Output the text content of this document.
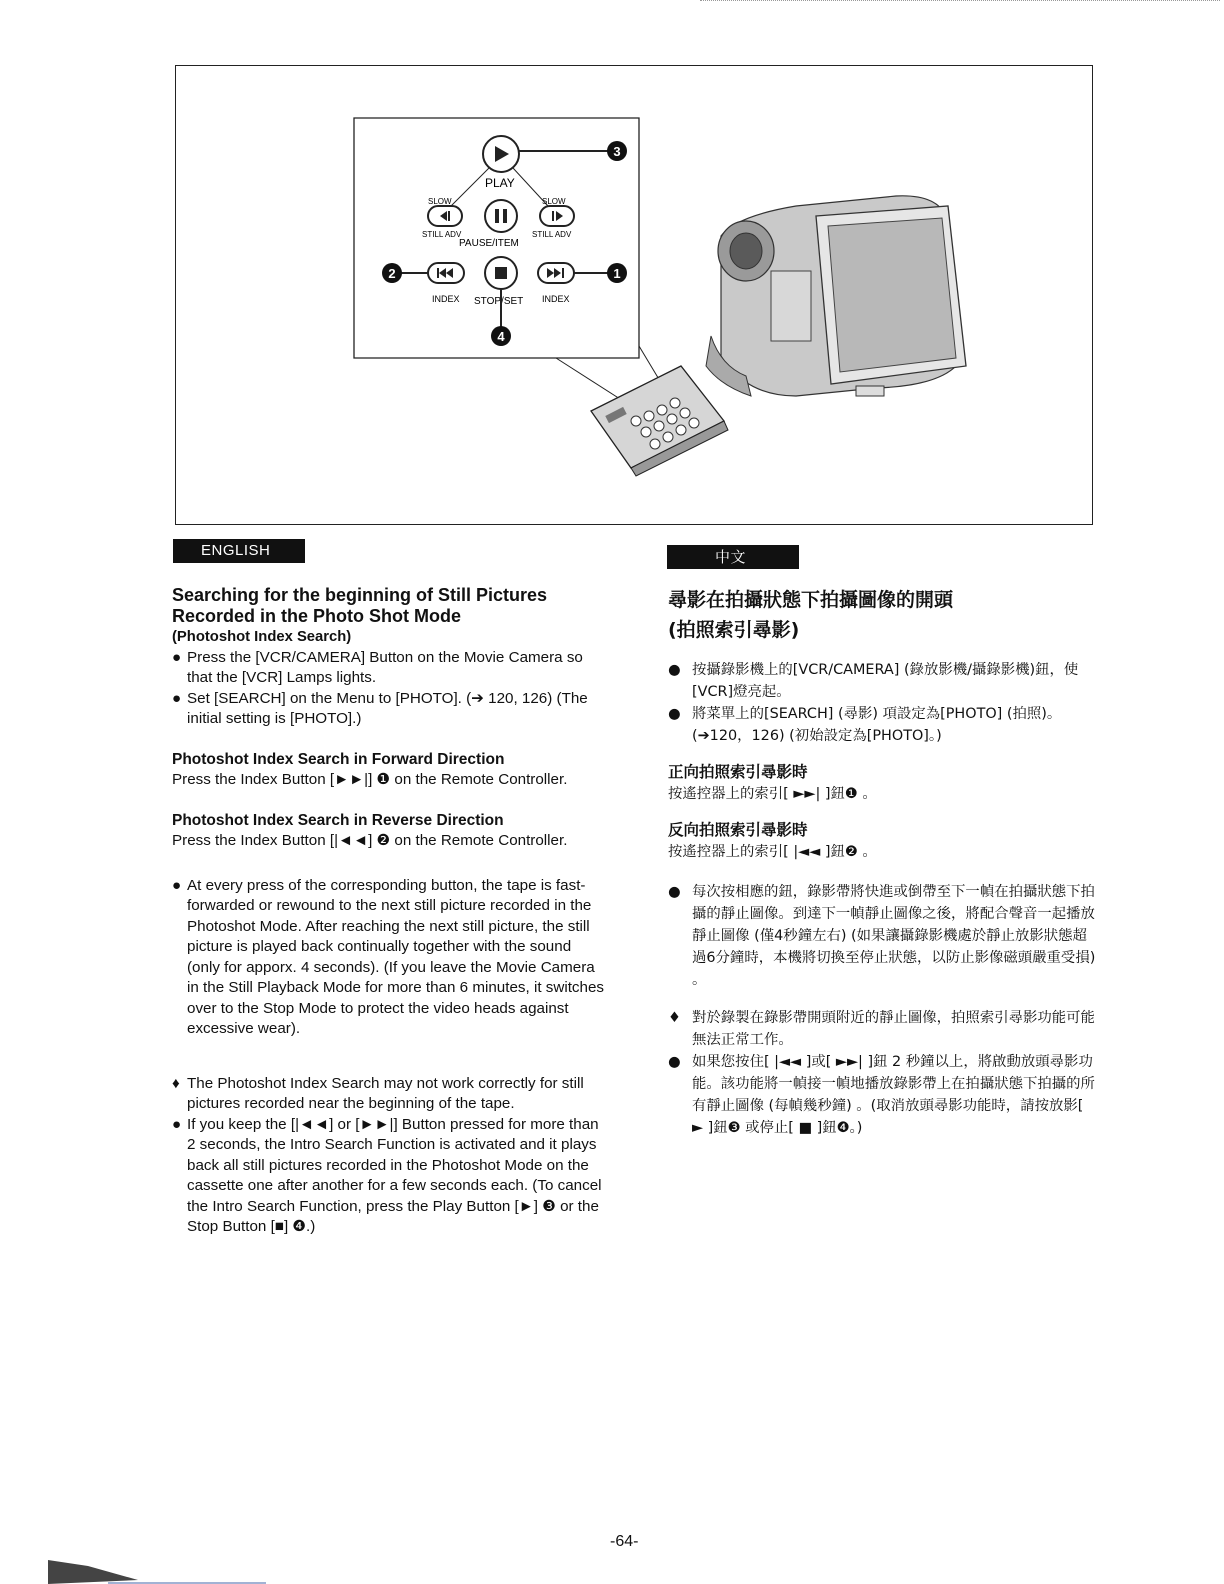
PLAY
SLOW
STILL ADV
PAUSE/ITEM
SLOW
STILL ADV
INDEX STOP/SET INDEX
3
2	1
4
ENGLISH	中文
Searching for the beginning of Still Pictures Recorded in the Photo Shot Mode

(Photoshot Index Search)

● Press the [VCR/CAMERA] Button on the Movie Camera so that the [VCR] Lamps lights.
● Set [SEARCH] on the Menu to [PHOTO]. (➔ 120, 126) (The initial setting is [PHOTO].)

Photoshot Index Search in Forward Direction

Press the Index Button [►►|] ❶ on the Remote Controller.

Photoshot Index Search in Reverse Direction

Press the Index Button [|◄◄] ❷ on the Remote Controller.

● At every press of the corresponding button, the tape is fast-forwarded or rewound to the next still picture recorded in the Photoshot Mode. After reaching the next still picture, the still picture is played back continually together with the sound (only for apporx. 4 seconds). (If you leave the Movie Camera in the Still Playback Mode for more than 6 minutes, it switches over to the Stop Mode to protect the video heads against excessive wear).
♦ The Photoshot Index Search may not work correctly for still pictures recorded near the beginning of the tape.
● If you keep the [|◄◄] or [►►|] Button pressed for more than 2 seconds, the Intro Search Function is activated and it plays back all still pictures recorded in the Photoshot Mode on the cassette one after another for a few seconds each. (To cancel the Intro Search Function, press the Play Button [►] ❸ or the Stop Button [■] ❹.)
尋影在拍攝狀態下拍攝圖像的開頭

(拍照索引尋影)

● 按攝錄影機上的[VCR/CAMERA] (錄放影機/攝錄影機)鈕，使[VCR]燈亮起。
● 將菜單上的[SEARCH] (尋影) 項設定為[PHOTO] (拍照)。(➔120，126) (初始設定為[PHOTO]。)

正向拍照索引尋影時

按遙控器上的索引[ ►►| ]鈕❶ 。

反向拍照索引尋影時

按遙控器上的索引[ |◄◄ ]鈕❷ 。

● 每次按相應的鈕，錄影帶將快進或倒帶至下一幀在拍攝狀態下拍攝的靜止圖像。到達下一幀靜止圖像之後，將配合聲音一起播放靜止圖像 (僅4秒鐘左右) (如果讓攝錄影機處於靜止放影狀態超過6分鐘時，本機將切換至停止狀態，以防止影像磁頭嚴重受損) 。
♦ 對於錄製在錄影帶開頭附近的靜止圖像，拍照索引尋影功能可能無法正常工作。
● 如果您按住[ |◄◄ ]或[ ►►| ]鈕 2 秒鐘以上，將啟動放頭尋影功能。該功能將一幀接一幀地播放錄影帶上在拍攝狀態下拍攝的所有靜止圖像 (每幀幾秒鐘) 。(取消放頭尋影功能時，請按放影[ ► ]鈕❸ 或停止[ ■ ]鈕❹。)
-64-
